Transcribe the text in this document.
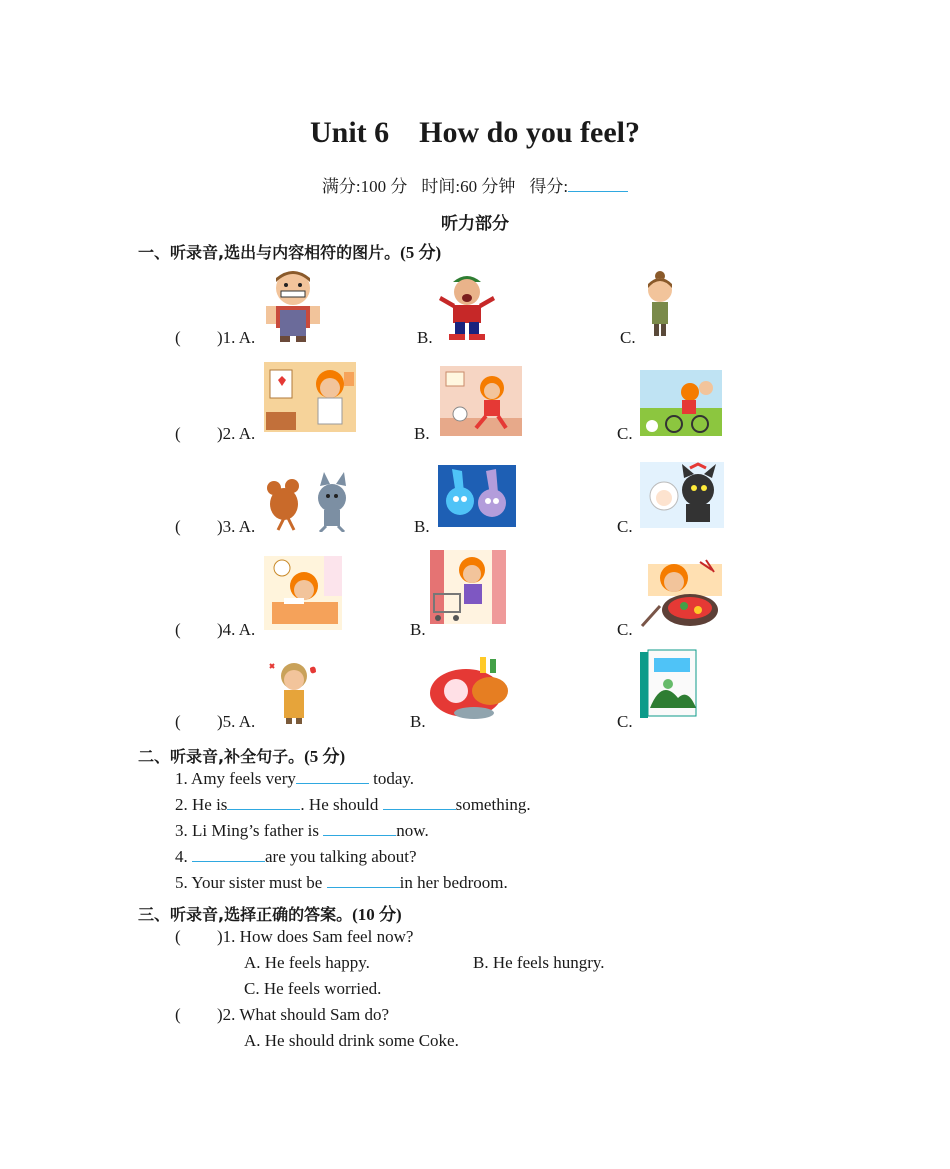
Unit 6 How do you feel?
满分:100 分 时间:60 分钟 得分:
听力部分
一、听录音,选出与内容相符的图片。(5 分)
( )1. A.	B.	C.
( )2. A.	B.	C.
( )3. A.	B.	C.
( )4. A.	B.	C.
( )5. A.	B.	C.
二、听录音,补全句子。(5 分)
1. Amy feels very	today.
2. He is	. He should	something.
3. Li Ming’s father is	now.
4.	are you talking about?
5. Your sister must be	in her bedroom.
三、听录音,选择正确的答案。(10 分)
( )1. How does Sam feel now?
A. He feels happy.	B. He feels hungry.
C. He feels worried.
( )2. What should Sam do?
A. He should drink some Coke.
